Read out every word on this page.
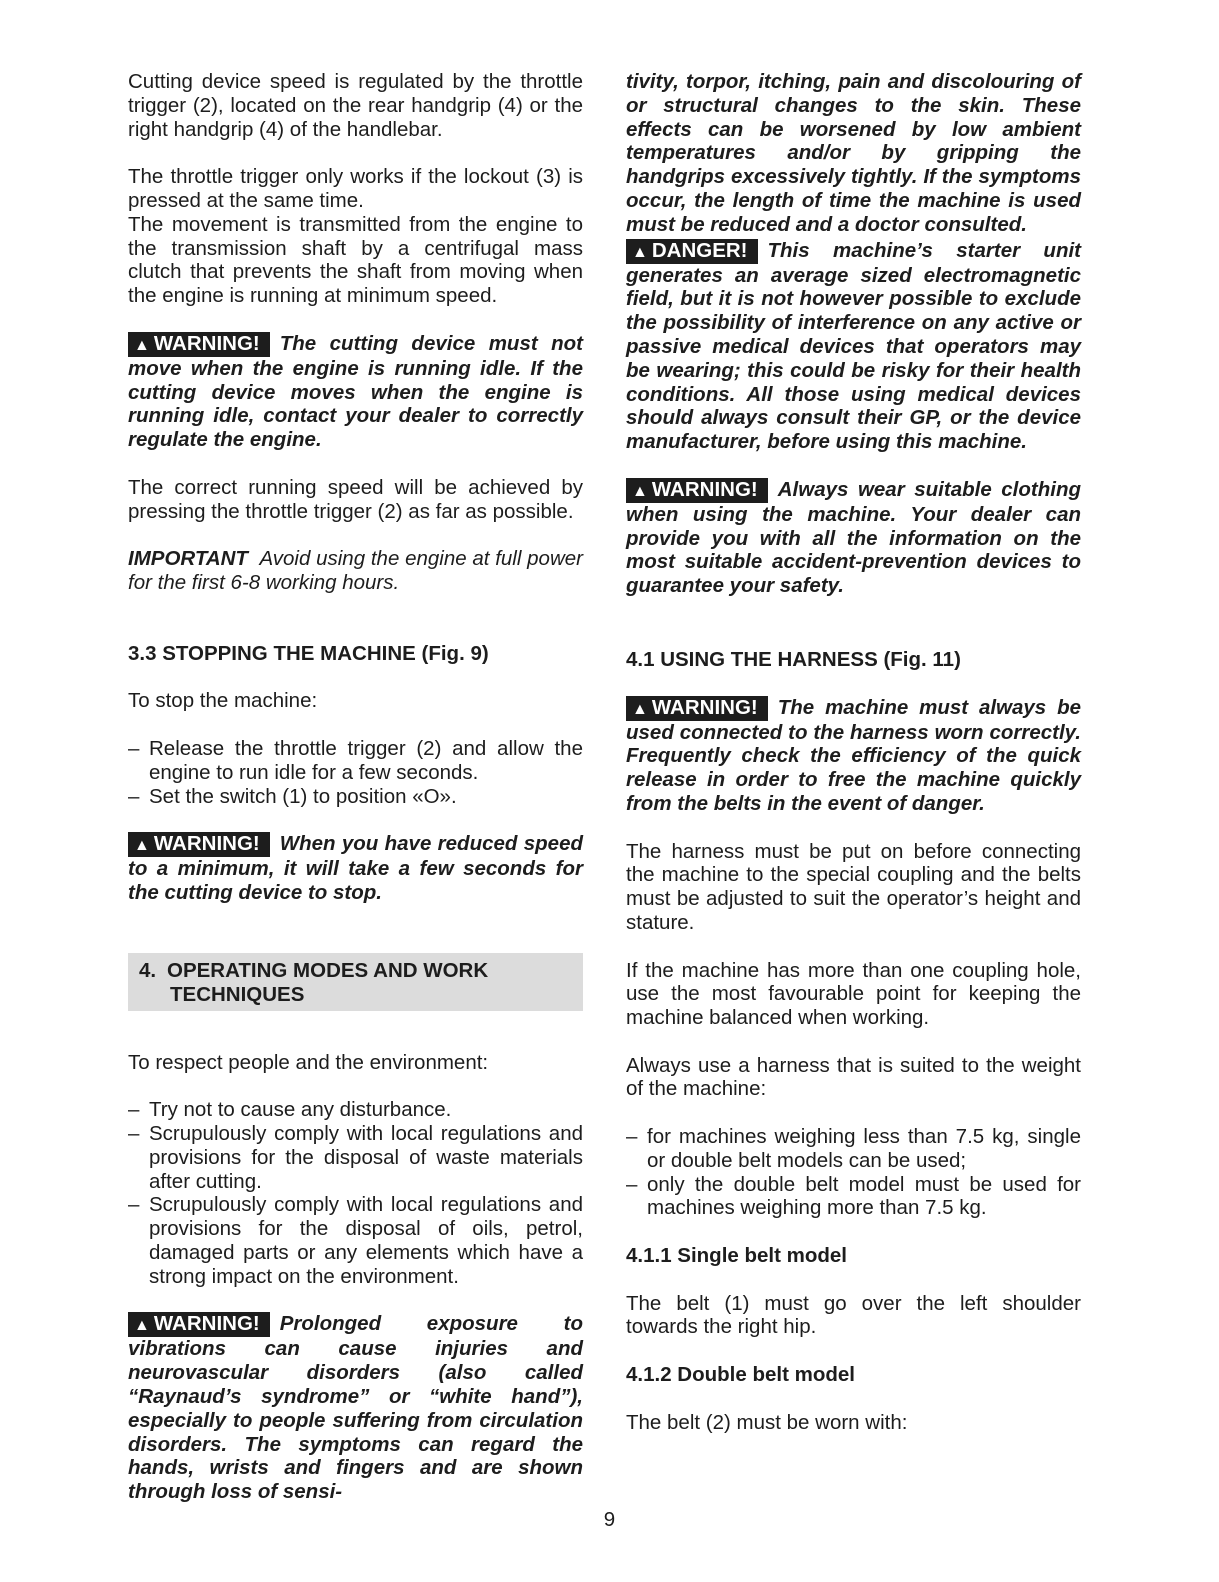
Cutting device speed is regulated by the throttle trigger (2), located on the rear handgrip (4) or the right handgrip (4) of the handlebar.

The throttle trigger only works if the lockout (3) is pressed at the same time.

The movement is transmitted from the engine to the transmission shaft by a centrifugal mass clutch that prevents the shaft from moving when the engine is running at minimum speed.

▲ WARNING! The cutting device must not move when the engine is running idle. If the cutting device moves when the engine is running idle, contact your dealer to correctly regulate the engine.

The correct running speed will be achieved by pressing the throttle trigger (2) as far as possible.

IMPORTANT Avoid using the engine at full power for the first 6-8 working hours.

3.3 STOPPING THE MACHINE (Fig. 9)

To stop the machine:

– Release the throttle trigger (2) and allow the engine to run idle for a few seconds.
– Set the switch (1) to position «O».

▲ WARNING! When you have reduced speed to a minimum, it will take a few seconds for the cutting device to stop.

4. OPERATING MODES AND WORK
TECHNIQUES

To respect people and the environment:

– Try not to cause any disturbance.
– Scrupulously comply with local regulations and provisions for the disposal of waste materials after cutting.
– Scrupulously comply with local regulations and provisions for the disposal of oils, petrol, damaged parts or any elements which have a strong impact on the environment.

▲ WARNING! Prolonged exposure to vibrations can cause injuries and neurovascular disorders (also called “Raynaud’s syndrome” or “white hand”), especially to people suffering from circulation disorders. The symptoms can regard the hands, wrists and fingers and are shown through loss of sensi-

tivity, torpor, itching, pain and discolouring of or structural changes to the skin. These effects can be worsened by low ambient temperatures and/or by gripping the handgrips excessively tightly. If the symptoms occur, the length of time the machine is used must be reduced and a doctor consulted.

▲ DANGER! This machine’s starter unit generates an average sized electromagnetic field, but it is not however possible to exclude the possibility of interference on any active or passive medical devices that operators may be wearing; this could be risky for their health conditions. All those using medical devices should always consult their GP, or the device manufacturer, before using this machine.

▲ WARNING! Always wear suitable clothing when using the machine. Your dealer can provide you with all the information on the most suitable accident-prevention devices to guarantee your safety.

4.1 USING THE HARNESS (Fig. 11)

▲ WARNING! The machine must always be used connected to the harness worn correctly. Frequently check the efficiency of the quick release in order to free the machine quickly from the belts in the event of danger.

The harness must be put on before connecting the machine to the special coupling and the belts must be adjusted to suit the operator’s height and stature.

If the machine has more than one coupling hole, use the most favourable point for keeping the machine balanced when working.

Always use a harness that is suited to the weight of the machine:

– for machines weighing less than 7.5 kg, single or double belt models can be used;
– only the double belt model must be used for machines weighing more than 7.5 kg.
4.1.1 Single belt model

The belt (1) must go over the left shoulder towards the right hip.

4.1.2 Double belt model

The belt (2) must be worn with:

9
